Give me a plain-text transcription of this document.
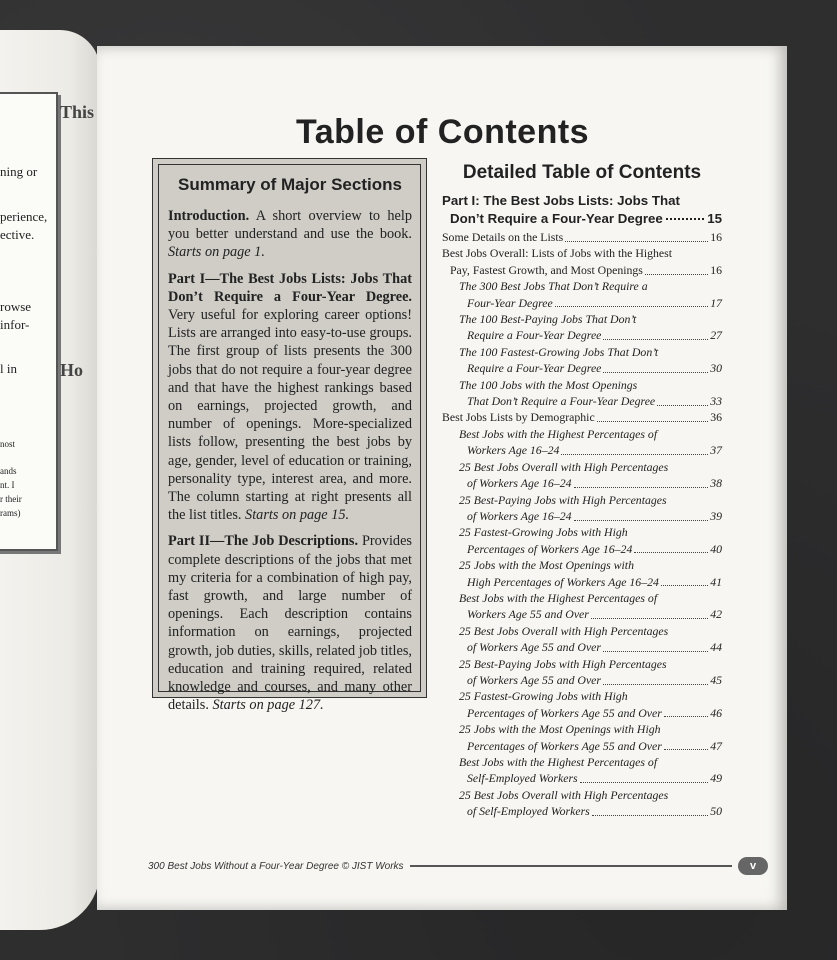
ning or
perience,
ective.
rowse
infor-
l in
nost
ands
nt. I
r their
rams)
This
Ho
Table of Contents
Summary of Major Sections

Introduction. A short overview to help you better understand and use the book. Starts on page 1.

Part I—The Best Jobs Lists: Jobs That Don’t Require a Four-Year Degree. Very useful for exploring career options! Lists are arranged into easy-to-use groups. The first group of lists presents the 300 jobs that do not require a four-year degree and that have the highest rankings based on earnings, projected growth, and number of openings. More-specialized lists follow, presenting the best jobs by age, gender, level of education or training, personality type, interest area, and more. The column starting at right presents all the list titles. Starts on page 15.

Part II—The Job Descriptions. Provides complete descriptions of the jobs that met my criteria for a combination of high pay, fast growth, and large number of openings. Each description contains information on earnings, projected growth, job duties, skills, related job titles, education and training required, related knowledge and courses, and many other details. Starts on page 127.

Detailed Table of Contents
Part I: The Best Jobs Lists: Jobs That
Don’t Require a Four-Year Degree	15
Some Details on the Lists	16
Best Jobs Overall: Lists of Jobs with the Highest
Pay, Fastest Growth, and Most Openings	16
The 300 Best Jobs That Don’t Require a
Four-Year Degree	17
The 100 Best-Paying Jobs That Don’t
Require a Four-Year Degree	27
The 100 Fastest-Growing Jobs That Don’t
Require a Four-Year Degree	30
The 100 Jobs with the Most Openings
That Don’t Require a Four-Year Degree	33
Best Jobs Lists by Demographic	36
Best Jobs with the Highest Percentages of
Workers Age 16–24	37
25 Best Jobs Overall with High Percentages
of Workers Age 16–24	38
25 Best-Paying Jobs with High Percentages
of Workers Age 16–24	39
25 Fastest-Growing Jobs with High
Percentages of Workers Age 16–24	40
25 Jobs with the Most Openings with
High Percentages of Workers Age 16–24	41
Best Jobs with the Highest Percentages of
Workers Age 55 and Over	42
25 Best Jobs Overall with High Percentages
of Workers Age 55 and Over	44
25 Best-Paying Jobs with High Percentages
of Workers Age 55 and Over	45
25 Fastest-Growing Jobs with High
Percentages of Workers Age 55 and Over	46
25 Jobs with the Most Openings with High
Percentages of Workers Age 55 and Over	47
Best Jobs with the Highest Percentages of
Self-Employed Workers	49
25 Best Jobs Overall with High Percentages
of Self-Employed Workers	50
300 Best Jobs Without a Four-Year Degree © JIST Works	v
